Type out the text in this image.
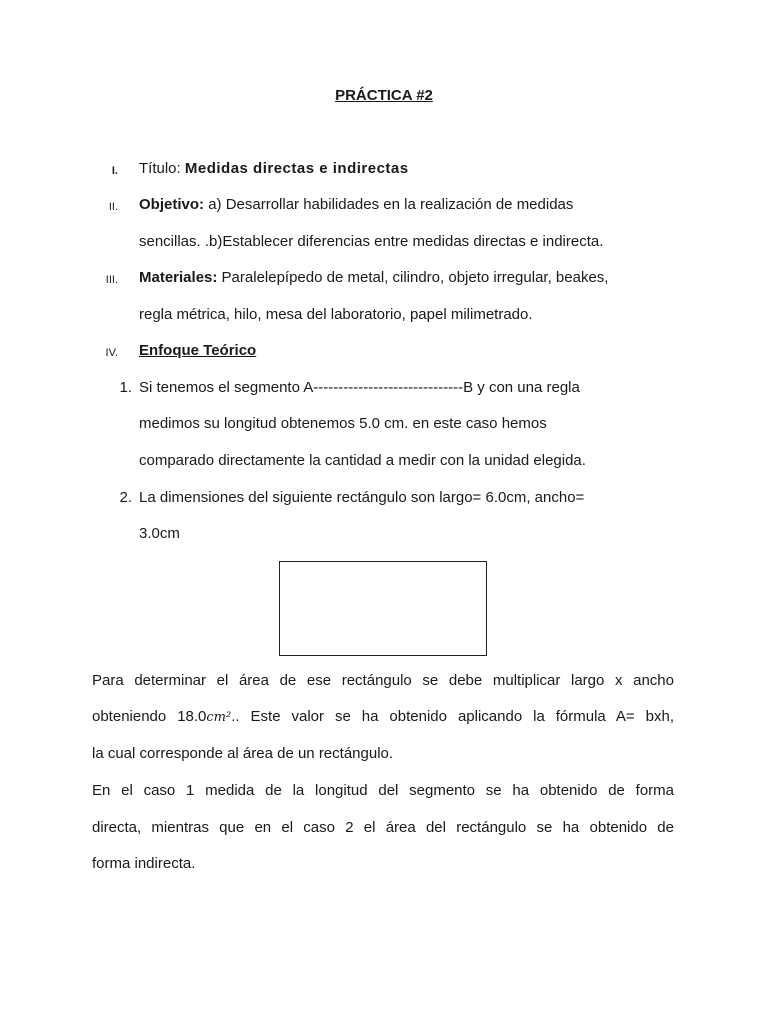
PRÁCTICA #2
I. Título: Medidas directas e indirectas
II. Objetivo: a) Desarrollar habilidades en la realización de medidas
sencillas. .b)Establecer diferencias entre medidas directas e indirecta.
III. Materiales: Paralelepípedo de metal, cilindro, objeto irregular, beakes,
regla métrica, hilo, mesa del laboratorio, papel milimetrado.
IV. Enfoque Teórico
1. Si tenemos el segmento A------------------------------B y con una regla
medimos su longitud obtenemos 5.0 cm. en este caso hemos
comparado directamente la cantidad a medir con la unidad elegida.
2. La dimensiones del siguiente rectángulo son largo= 6.0cm, ancho=
3.0cm
Para determinar el área de ese rectángulo se debe multiplicar largo x ancho
obteniendo 18.0cm².. Este valor se ha obtenido aplicando la fórmula A= bxh,
la cual corresponde al área de un rectángulo.
En el caso 1 medida de la longitud del segmento se ha obtenido de forma
directa, mientras que en el caso 2 el área del rectángulo se ha obtenido de
forma indirecta.
